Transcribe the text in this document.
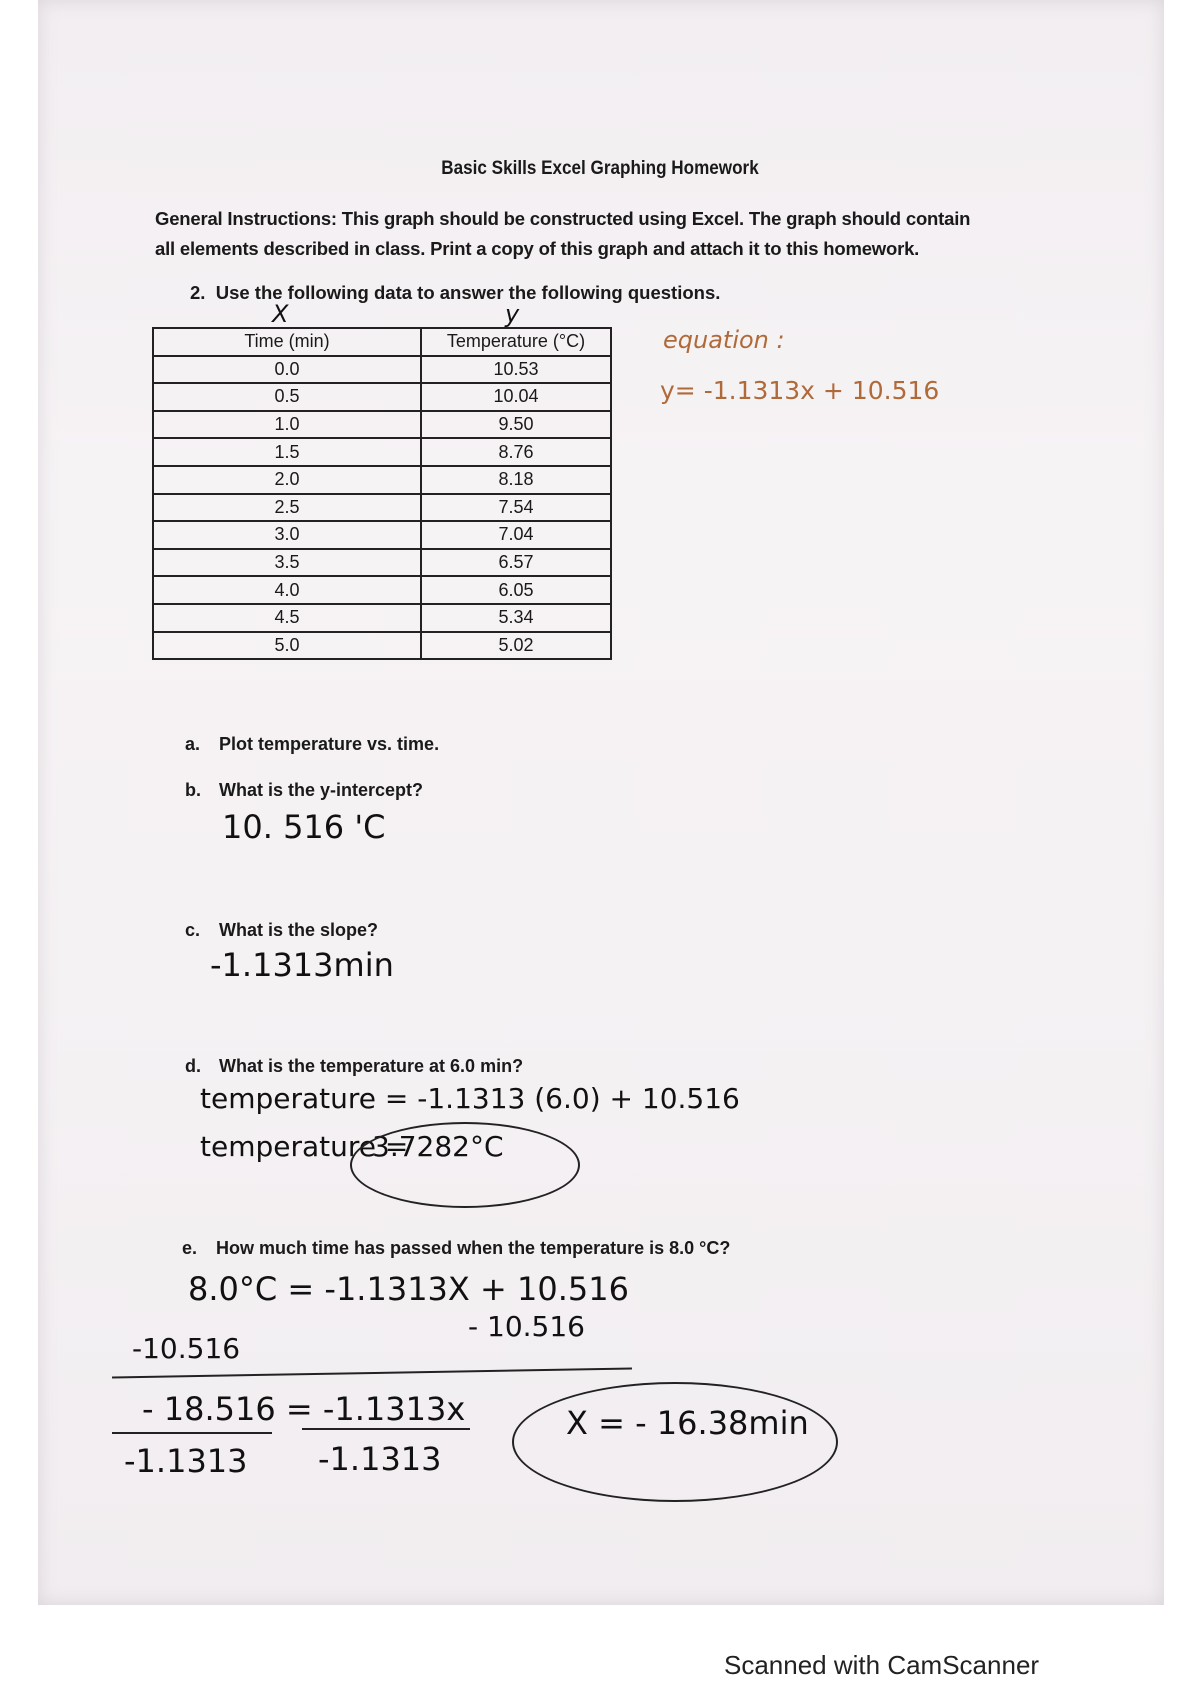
Basic Skills Excel Graphing Homework
General Instructions: This graph should be constructed using Excel. The graph should contain all elements described in class. Print a copy of this graph and attach it to this homework.
2.  Use the following data to answer the following questions.
X	y
Time (min)	Temperature (°C)
0.0	10.53
0.5	10.04
1.0	9.50
1.5	8.76
2.0	8.18
2.5	7.54
3.0	7.04
3.5	6.57
4.0	6.05
4.5	5.34
5.0	5.02
equation :
y= -1.1313x + 10.516
a. Plot temperature vs. time.
b. What is the y-intercept?
10. 516 'C
c. What is the slope?
-1.1313min
d. What is the temperature at 6.0 min?
temperature = -1.1313 (6.0) + 10.516
temperature =
3.7282°C
e. How much time has passed when the temperature is 8.0 °C?
8.0°C = -1.1313X + 10.516
-10.516
- 10.516
- 18.516 = -1.1313x
-1.1313 -1.1313
X = - 16.38min
Scanned with CamScanner
